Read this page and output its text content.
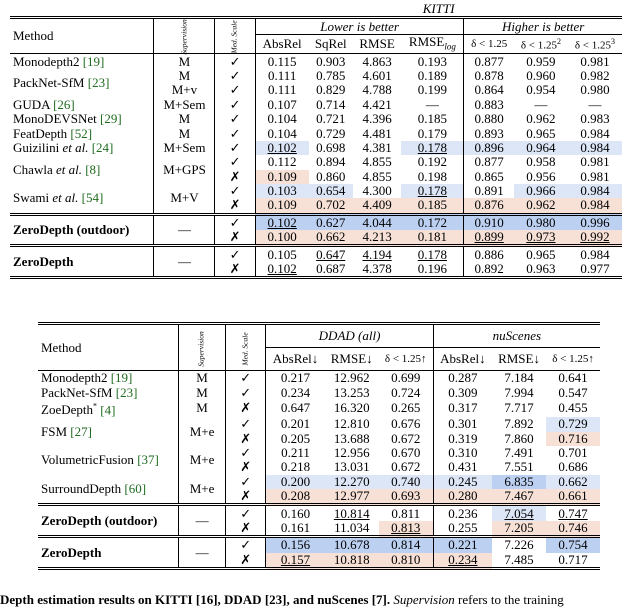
			KITTI						
Method	Supervision	Med. Scale	Lower is better				Higher is better		
			AbsRel	SqRel	RMSE	$RMSE_{log}$	δ < 1.25	$\delta < 1.25^2$	$\delta < 1.25^3$
Monodepth2 [19]	M	✓	0.115	0.903	4.863	0.193	0.877	0.959	0.981
PackNet-SfM [23]	M	✓	0.111	0.785	4.601	0.189	0.878	0.960	0.982
	M+v	✓	0.111	0.829	4.788	0.199	0.864	0.954	0.980
GUDA [26]	M+Sem	✓	0.107	0.714	4.421	—	0.883	—	—
MonoDEVSNet [29]	M	✓	0.104	0.721	4.396	0.185	0.880	0.962	0.983
FeatDepth [52]	M	✓	0.104	0.729	4.481	0.179	0.893	0.965	0.984
Guizilini et al. [24]	M+Sem	✓	0.102	0.698	4.381	0.178	0.896	0.964	0.984
Chawla et al. [8]	M+GPS	✓	0.112	0.894	4.855	0.192	0.877	0.958	0.981
		✗	0.109	0.860	4.855	0.198	0.865	0.956	0.981
Swami et al. [54]	M+V	✓	0.103	0.654	4.300	0.178	0.891	0.966	0.984
		✗	0.109	0.702	4.409	0.185	0.876	0.962	0.984
ZeroDepth (outdoor)	—	✓	0.102	0.627	4.044	0.172	0.910	0.980	0.996
		✗	0.100	0.662	4.213	0.181	0.899	0.973	0.992
ZeroDepth	—	✓	0.105	0.647	4.194	0.178	0.886	0.965	0.984
		✗	0.102	0.687	4.378	0.196	0.892	0.963	0.977
Method	Supervision	Med. Scale	DDAD (all)			nuScenes		
			AbsRel↓	RMSE↓	δ < 1.25↑	AbsRel↓	RMSE↓	δ < 1.25↑
Monodepth2 [19]	M	✓	0.217	12.962	0.699	0.287	7.184	0.641
PackNet-SfM [23]	M	✓	0.234	13.253	0.724	0.309	7.994	0.547
ZoeDepth* [4]	M	✗	0.647	16.320	0.265	0.317	7.717	0.455
FSM [27]	M+e	✓	0.201	12.810	0.676	0.301	7.892	0.729
		✗	0.205	13.688	0.672	0.319	7.860	0.716
VolumetricFusion [37]	M+e	✓	0.211	12.956	0.670	0.310	7.491	0.701
		✗	0.218	13.031	0.672	0.431	7.551	0.686
SurroundDepth [60]	M+e	✓	0.200	12.270	0.740	0.245	6.835	0.662
		✗	0.208	12.977	0.693	0.280	7.467	0.661
ZeroDepth (outdoor)	—	✓	0.160	10.814	0.811	0.236	7.054	0.747
		✗	0.161	11.034	0.813	0.255	7.205	0.746
ZeroDepth	—	✓	0.156	10.678	0.814	0.221	7.226	0.754
		✗	0.157	10.818	0.810	0.234	7.485	0.717
Depth estimation results on KITTI [16], DDAD [23], and nuScenes [7]. Supervision refers to the training
